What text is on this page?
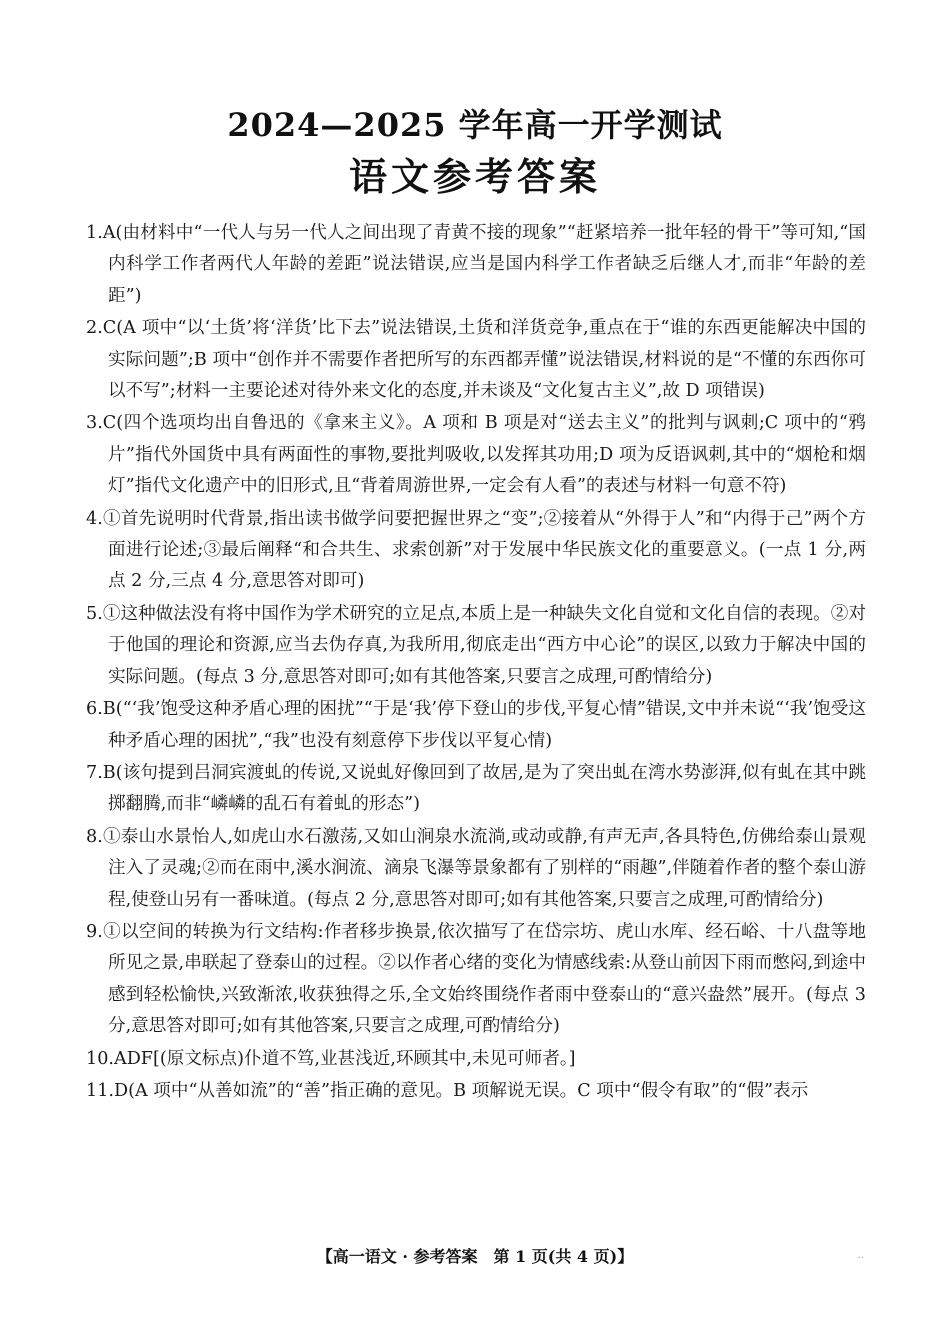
2024—2025 学年高一开学测试
语文参考答案
1.A(由材料中“一代人与另一代人之间出现了青黄不接的现象”“赶紧培养一批年轻的骨干”等可知,“国内科学工作者两代人年龄的差距”说法错误,应当是国内科学工作者缺乏后继人才,而非“年龄的差距”)
2.C(A 项中“以‘土货’将‘洋货’比下去”说法错误,土货和洋货竞争,重点在于“谁的东西更能解决中国的实际问题”;B 项中“创作并不需要作者把所写的东西都弄懂”说法错误,材料说的是“不懂的东西你可以不写”;材料一主要论述对待外来文化的态度,并未谈及“文化复古主义”,故 D 项错误)
3.C(四个选项均出自鲁迅的《拿来主义》。A 项和 B 项是对“送去主义”的批判与讽刺;C 项中的“鸦片”指代外国货中具有两面性的事物,要批判吸收,以发挥其功用;D 项为反语讽刺,其中的“烟枪和烟灯”指代文化遗产中的旧形式,且“背着周游世界,一定会有人看”的表述与材料一句意不符)
4.①首先说明时代背景,指出读书做学问要把握世界之“变”;②接着从“外得于人”和“内得于己”两个方面进行论述;③最后阐释“和合共生、求索创新”对于发展中华民族文化的重要意义。(一点 1 分,两点 2 分,三点 4 分,意思答对即可)
5.①这种做法没有将中国作为学术研究的立足点,本质上是一种缺失文化自觉和文化自信的表现。②对于他国的理论和资源,应当去伪存真,为我所用,彻底走出“西方中心论”的误区,以致力于解决中国的实际问题。(每点 3 分,意思答对即可;如有其他答案,只要言之成理,可酌情给分)
6.B(“‘我’饱受这种矛盾心理的困扰”“于是‘我’停下登山的步伐,平复心情”错误,文中并未说“‘我’饱受这种矛盾心理的困扰”,“我”也没有刻意停下步伐以平复心情)
7.B(该句提到吕洞宾渡虬的传说,又说虬好像回到了故居,是为了突出虬在湾水势澎湃,似有虬在其中跳掷翻腾,而非“嶙嶙的乱石有着虬的形态”)
8.①泰山水景怡人,如虎山水石激荡,又如山涧泉水流淌,或动或静,有声无声,各具特色,仿佛给泰山景观注入了灵魂;②而在雨中,溪水涧流、滴泉飞瀑等景象都有了别样的“雨趣”,伴随着作者的整个泰山游程,使登山另有一番味道。(每点 2 分,意思答对即可;如有其他答案,只要言之成理,可酌情给分)
9.①以空间的转换为行文结构:作者移步换景,依次描写了在岱宗坊、虎山水库、经石峪、十八盘等地所见之景,串联起了登泰山的过程。②以作者心绪的变化为情感线索:从登山前因下雨而憋闷,到途中感到轻松愉快,兴致渐浓,收获独得之乐,全文始终围绕作者雨中登泰山的“意兴盎然”展开。(每点 3 分,意思答对即可;如有其他答案,只要言之成理,可酌情给分)
10.ADF[(原文标点)仆道不笃,业甚浅近,环顾其中,未见可师者。]
11.D(A 项中“从善如流”的“善”指正确的意见。B 项解说无误。C 项中“假令有取”的“假”表示
【高一语文 · 参考答案　第 1 页(共 4 页)】	..
